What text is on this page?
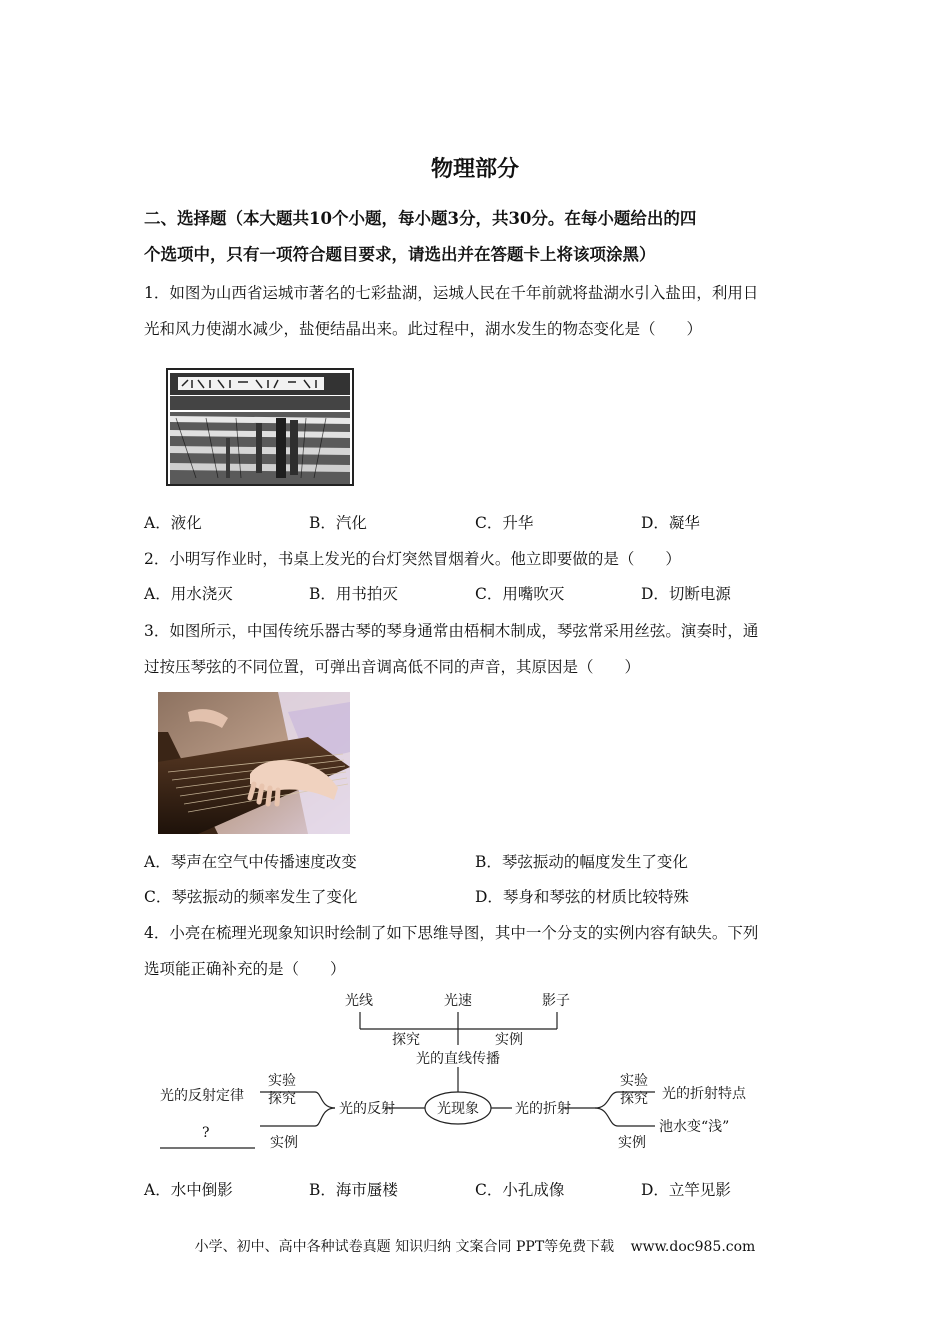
物理部分
二、选择题（本大题共10个小题，每小题3分，共30分。在每小题给出的四
个选项中，只有一项符合题目要求，请选出并在答题卡上将该项涂黑）
1．如图为山西省运城市著名的七彩盐湖，运城人民在千年前就将盐湖水引入盐田，利用日
光和风力使湖水减少，盐便结晶出来。此过程中，湖水发生的物态变化是（　　）
A．液化	B．汽化	C．升华	D．凝华
2．小明写作业时，书桌上发光的台灯突然冒烟着火。他立即要做的是（　　）
A．用水浇灭	B．用书拍灭	C．用嘴吹灭	D．切断电源
3．如图所示，中国传统乐器古琴的琴身通常由梧桐木制成，琴弦常采用丝弦。演奏时，通
过按压琴弦的不同位置，可弹出音调高低不同的声音，其原因是（　　）
A．琴声在空气中传播速度改变	B．琴弦振动的幅度发生了变化
C．琴弦振动的频率发生了变化	D．琴身和琴弦的材质比较特殊
4．小亮在梳理光现象知识时绘制了如下思维导图，其中一个分支的实例内容有缺失。下列
选项能正确补充的是（　　）
光线	光速	影子
探究	实例
光的直线传播
光现象
光的反射	光的折射
实验
探究
光的反射定律
?
实例
实验
探究 光的折射特点
池水变“浅”
实例
A．水中倒影	B．海市蜃楼	C．小孔成像	D．立竿见影
小学、初中、高中各种试卷真题 知识归纳 文案合同 PPT等免费下载 www.doc985.com
